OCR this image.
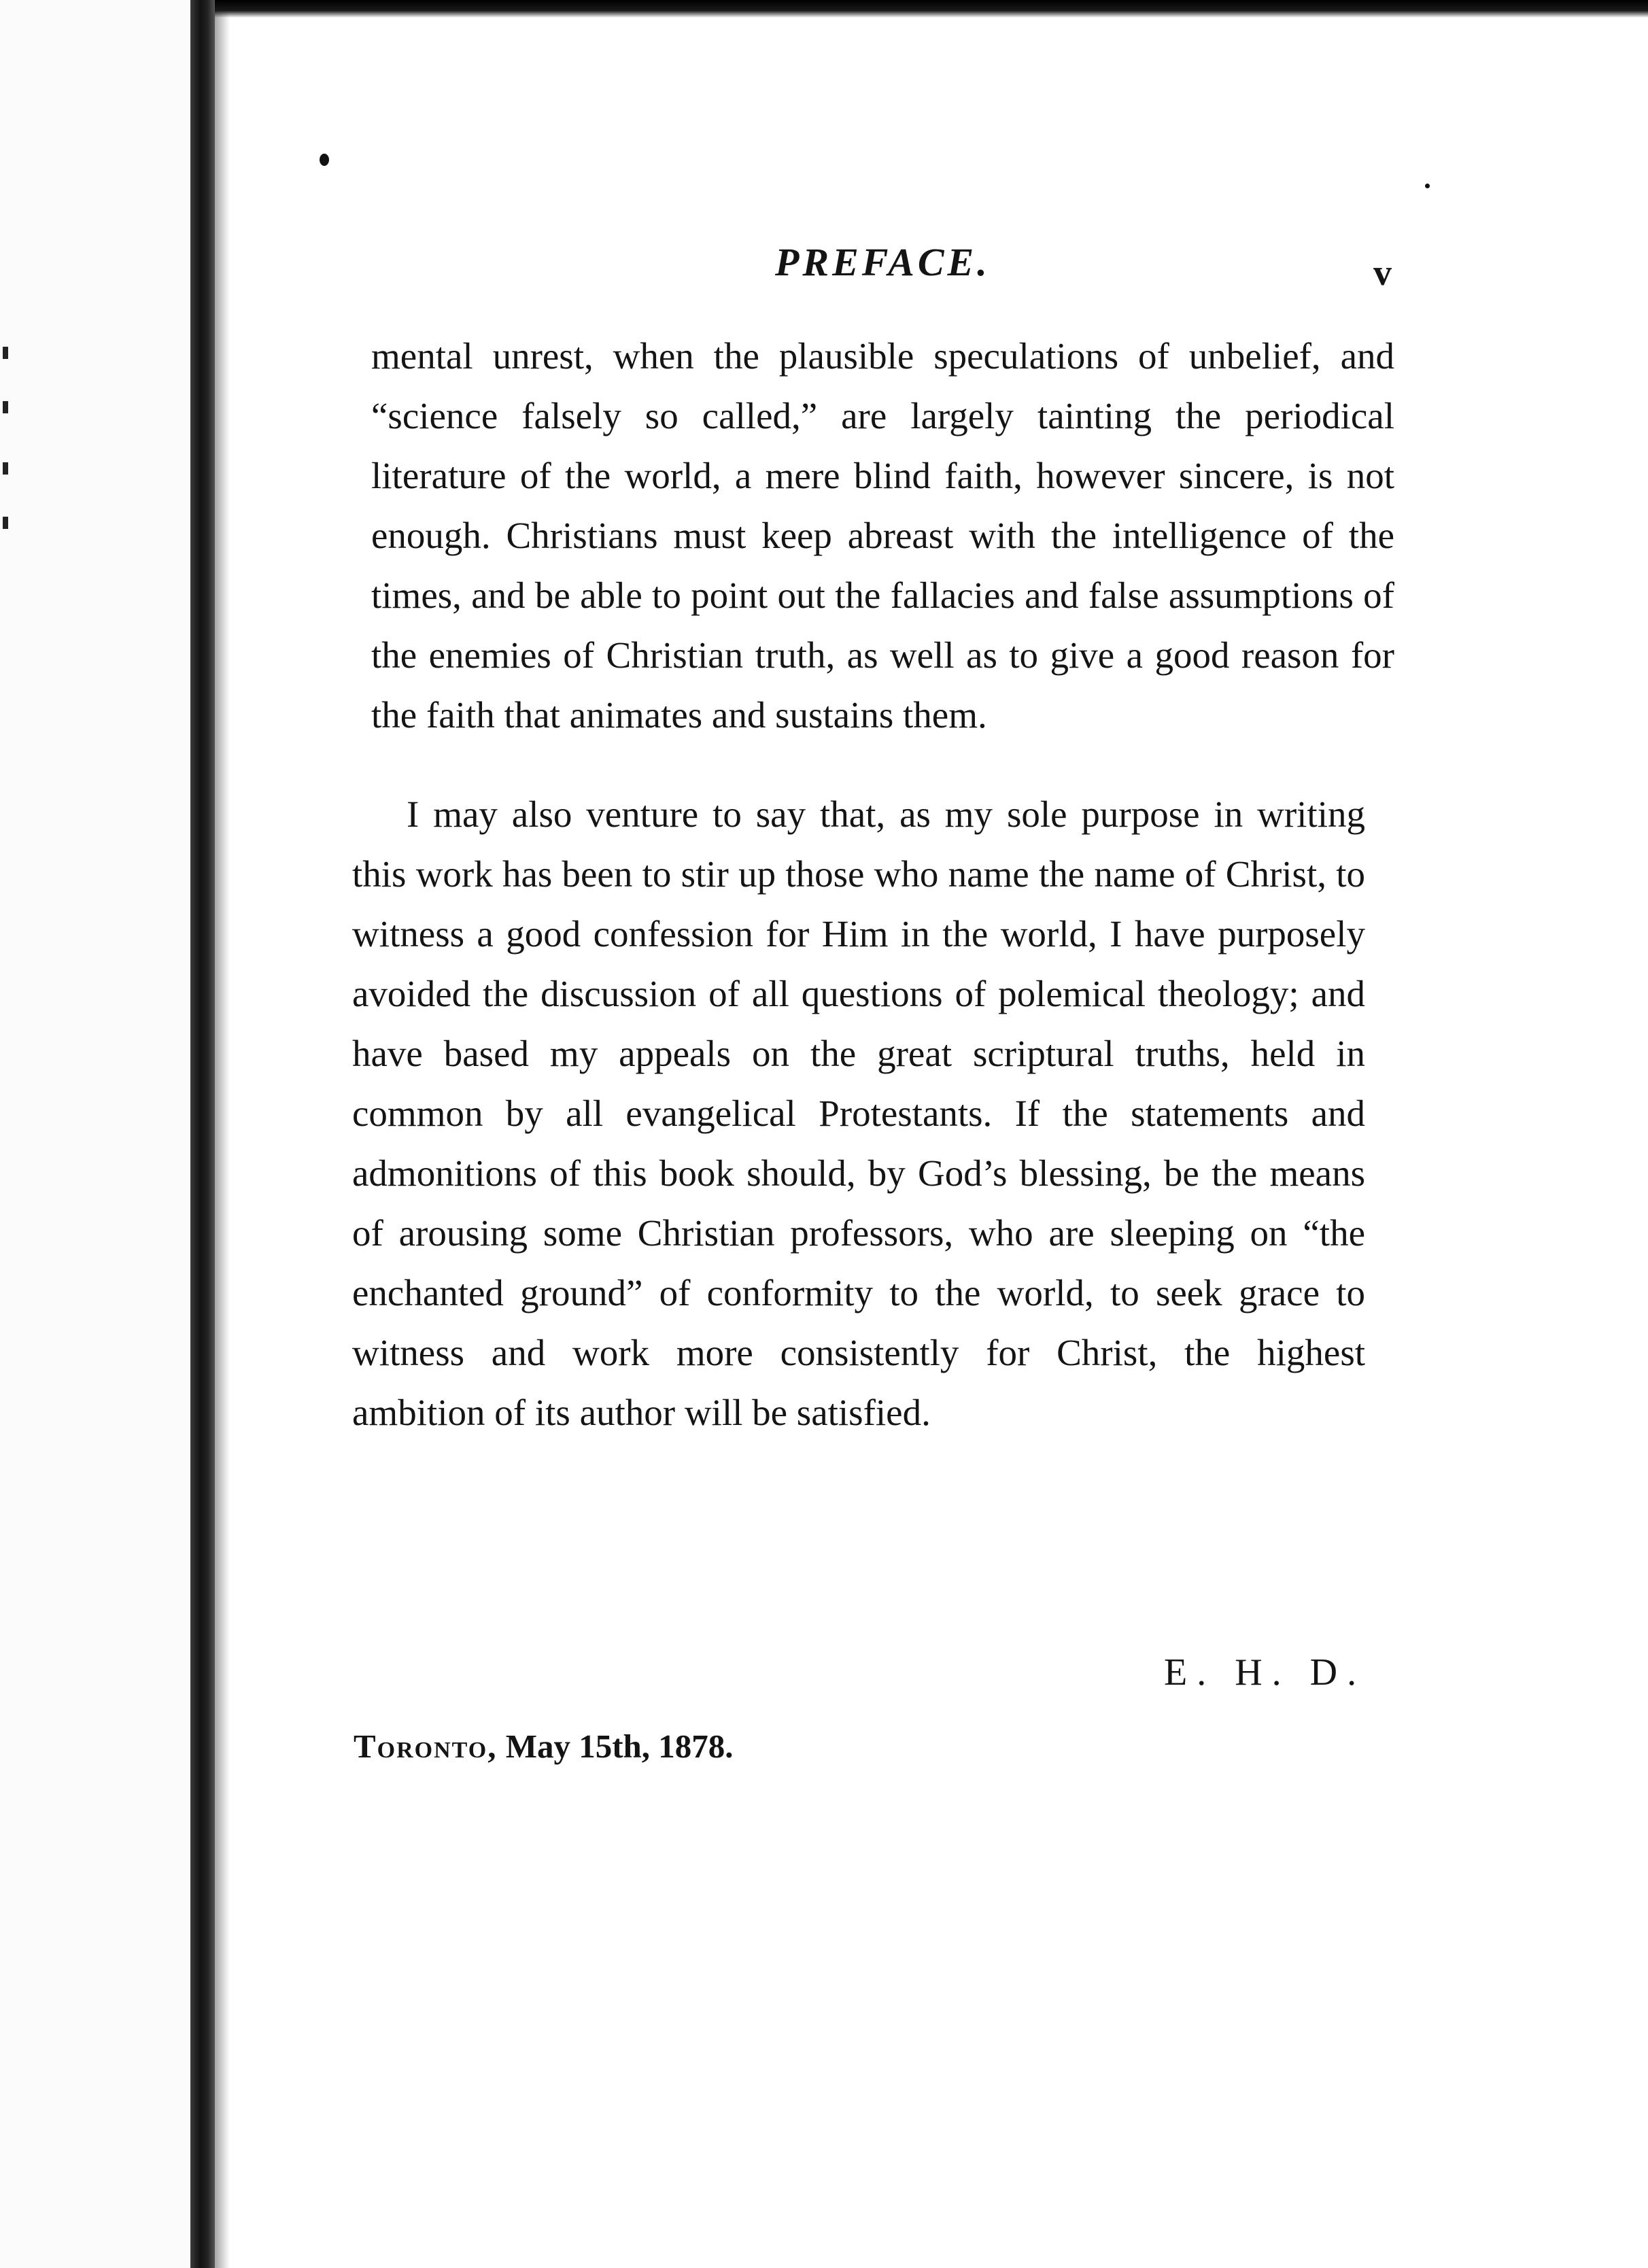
PREFACE.	v

mental unrest, when the plausible speculations of unbelief, and “science falsely so called,” are largely tainting the periodical literature of the world, a mere blind faith, however sincere, is not enough. Christians must keep abreast with the intelligence of the times, and be able to point out the fallacies and false assumptions of the enemies of Christian truth, as well as to give a good reason for the faith that animates and sustains them.

I may also venture to say that, as my sole purpose in writing this work has been to stir up those who name the name of Christ, to witness a good confession for Him in the world, I have purposely avoided the discussion of all questions of polemical theology; and have based my appeals on the great scriptural truths, held in common by all evangelical Protestants. If the statements and admonitions of this book should, by God’s blessing, be the means of arousing some Christian professors, who are sleeping on “the enchanted ground” of conformity to the world, to seek grace to witness and work more consistently for Christ, the highest ambition of its author will be satisfied.

E. H. D.
Toronto, May 15th, 1878.
